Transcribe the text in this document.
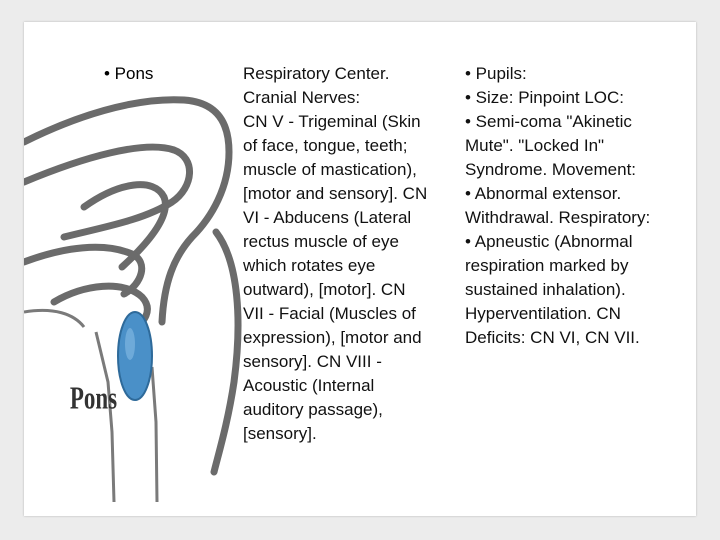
Pons
• Pons	Respiratory Center.
Cranial Nerves:
CN V - Trigeminal (Skin
of face, tongue, teeth;
muscle of mastication),
[motor and sensory]. CN
VI - Abducens (Lateral
rectus muscle of eye
which rotates eye
outward), [motor]. CN
VII - Facial (Muscles of
expression), [motor and
sensory]. CN VIII -
Acoustic (Internal
auditory passage),
[sensory].
• Pupils:
• Size: Pinpoint LOC:
• Semi-coma "Akinetic
Mute". "Locked In"
Syndrome. Movement:
• Abnormal extensor.
Withdrawal. Respiratory:
• Apneustic (Abnormal
respiration marked by
sustained inhalation).
Hyperventilation. CN
Deficits: CN VI, CN VII.
